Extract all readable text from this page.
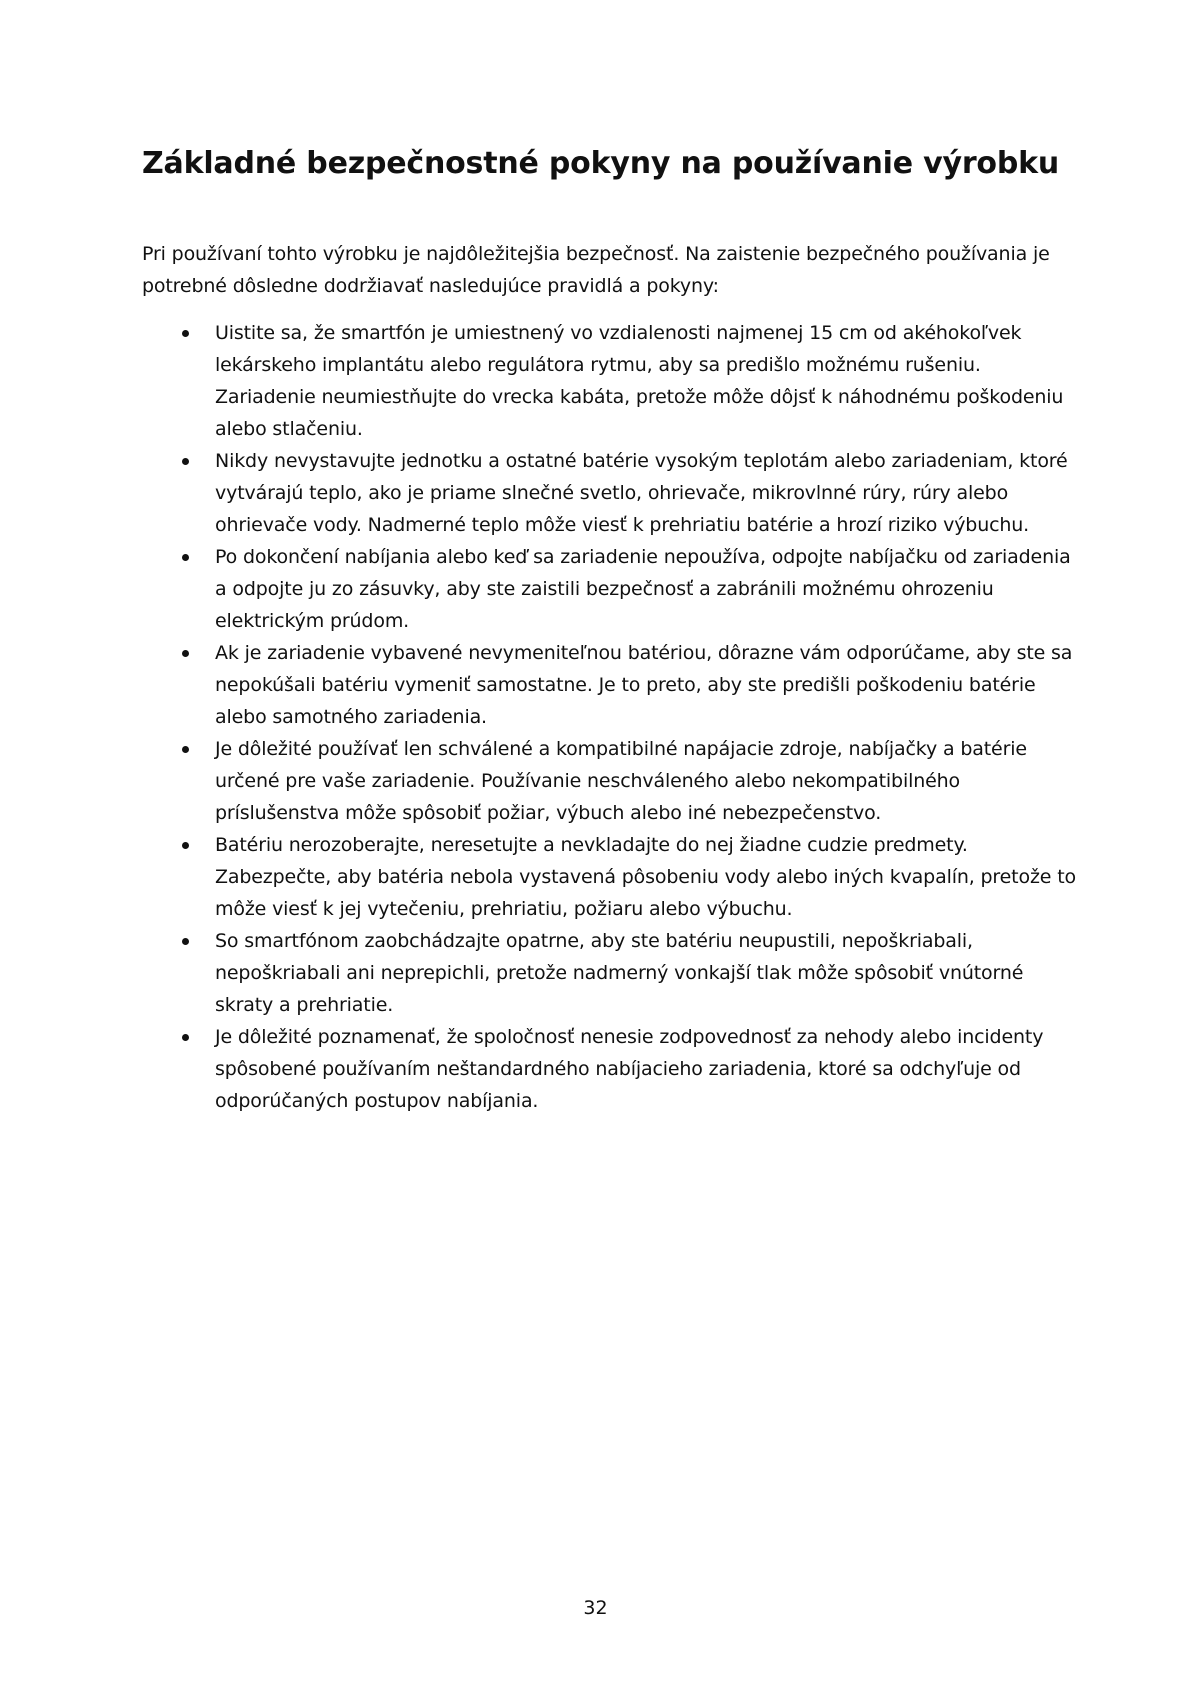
Základné bezpečnostné pokyny na používanie výrobku

Pri používaní tohto výrobku je najdôležitejšia bezpečnosť. Na zaistenie bezpečného používania je potrebné dôsledne dodržiavať nasledujúce pravidlá a pokyny:

Uistite sa, že smartfón je umiestnený vo vzdialenosti najmenej 15 cm od akéhokoľvek lekárskeho implantátu alebo regulátora rytmu, aby sa predišlo možnému rušeniu. Zariadenie neumiestňujte do vrecka kabáta, pretože môže dôjsť k náhodnému poškodeniu alebo stlačeniu.
Nikdy nevystavujte jednotku a ostatné batérie vysokým teplotám alebo zariadeniam, ktoré vytvárajú teplo, ako je priame slnečné svetlo, ohrievače, mikrovlnné rúry, rúry alebo ohrievače vody. Nadmerné teplo môže viesť k prehriatiu batérie a hrozí riziko výbuchu.
Po dokončení nabíjania alebo keď sa zariadenie nepoužíva, odpojte nabíjačku od zariadenia a odpojte ju zo zásuvky, aby ste zaistili bezpečnosť a zabránili možnému ohrozeniu elektrickým prúdom.
Ak je zariadenie vybavené nevymeniteľnou batériou, dôrazne vám odporúčame, aby ste sa nepokúšali batériu vymeniť samostatne. Je to preto, aby ste predišli poškodeniu batérie alebo samotného zariadenia.
Je dôležité používať len schválené a kompatibilné napájacie zdroje, nabíjačky a batérie určené pre vaše zariadenie. Používanie neschváleného alebo nekompatibilného príslušenstva môže spôsobiť požiar, výbuch alebo iné nebezpečenstvo.
Batériu nerozoberajte, neresetujte a nevkladajte do nej žiadne cudzie predmety. Zabezpečte, aby batéria nebola vystavená pôsobeniu vody alebo iných kvapalín, pretože to môže viesť k jej vytečeniu, prehriatiu, požiaru alebo výbuchu.
So smartfónom zaobchádzajte opatrne, aby ste batériu neupustili, nepoškriabali, nepoškriabali ani neprepichli, pretože nadmerný vonkajší tlak môže spôsobiť vnútorné skraty a prehriatie.
Je dôležité poznamenať, že spoločnosť nenesie zodpovednosť za nehody alebo incidenty spôsobené používaním neštandardného nabíjacieho zariadenia, ktoré sa odchyľuje od odporúčaných postupov nabíjania.
32
